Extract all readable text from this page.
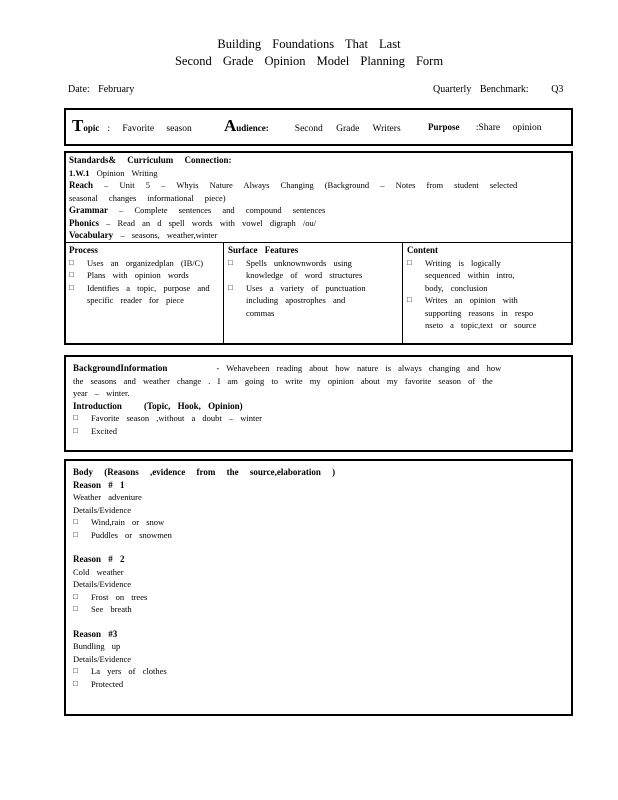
Building Foundations That Last
Second Grade Opinion Model Planning Form
Date: February	Quarterly Benchmark: Q3
Topic : Favorite season Audience:	Second Grade Writers	Purpose :Share opinion
Standards& Curriculum Connection:
1.W.1 Opinion Writing
Reach – Unit 5 – Whyis Nature Always Changing (Background – Notes from student selected
seasonal changes informational piece)
Grammar – Complete sentences and compound sentences
Phonics – Read an d spell words with vowel digraph /ou/
Vocabulary – seasons, weather,winter
Process
□ Uses an organizedplan (IB/C)
□ Plans with opinion words
□ Identifies a topic, purpose and specific reader for piece
Surface Features
□ Spells unknownwords using knowledge of word structures
□ Uses a variety of punctuation including apostrophes and commas
Content
□ Writing is logically sequenced within intro, body, conclusion
□ Writes an opinion with supporting reasons in respo nseto a topic,text or source
BackgroundInformation	- Wehavebeen reading about how nature is always changing and how
the seasons and weather change . I am going to write my opinion about my favorite season of the
year – winter.
Introduction (Topic, Hook, Opinion)
□ Favorite season ,without a doubt – winter
□ Excited
Body (Reasons ,evidence from the source,elaboration )
Reason # 1
Weather adventure
Details/Evidence
□ Wind,rain or snow
□ Puddles or snowmen
Reason # 2
Cold weather
Details/Evidence
□ Frost on trees
□ See breath
Reason #3
Bundling up
Details/Evidence
□ La yers of clothes
□ Protected
